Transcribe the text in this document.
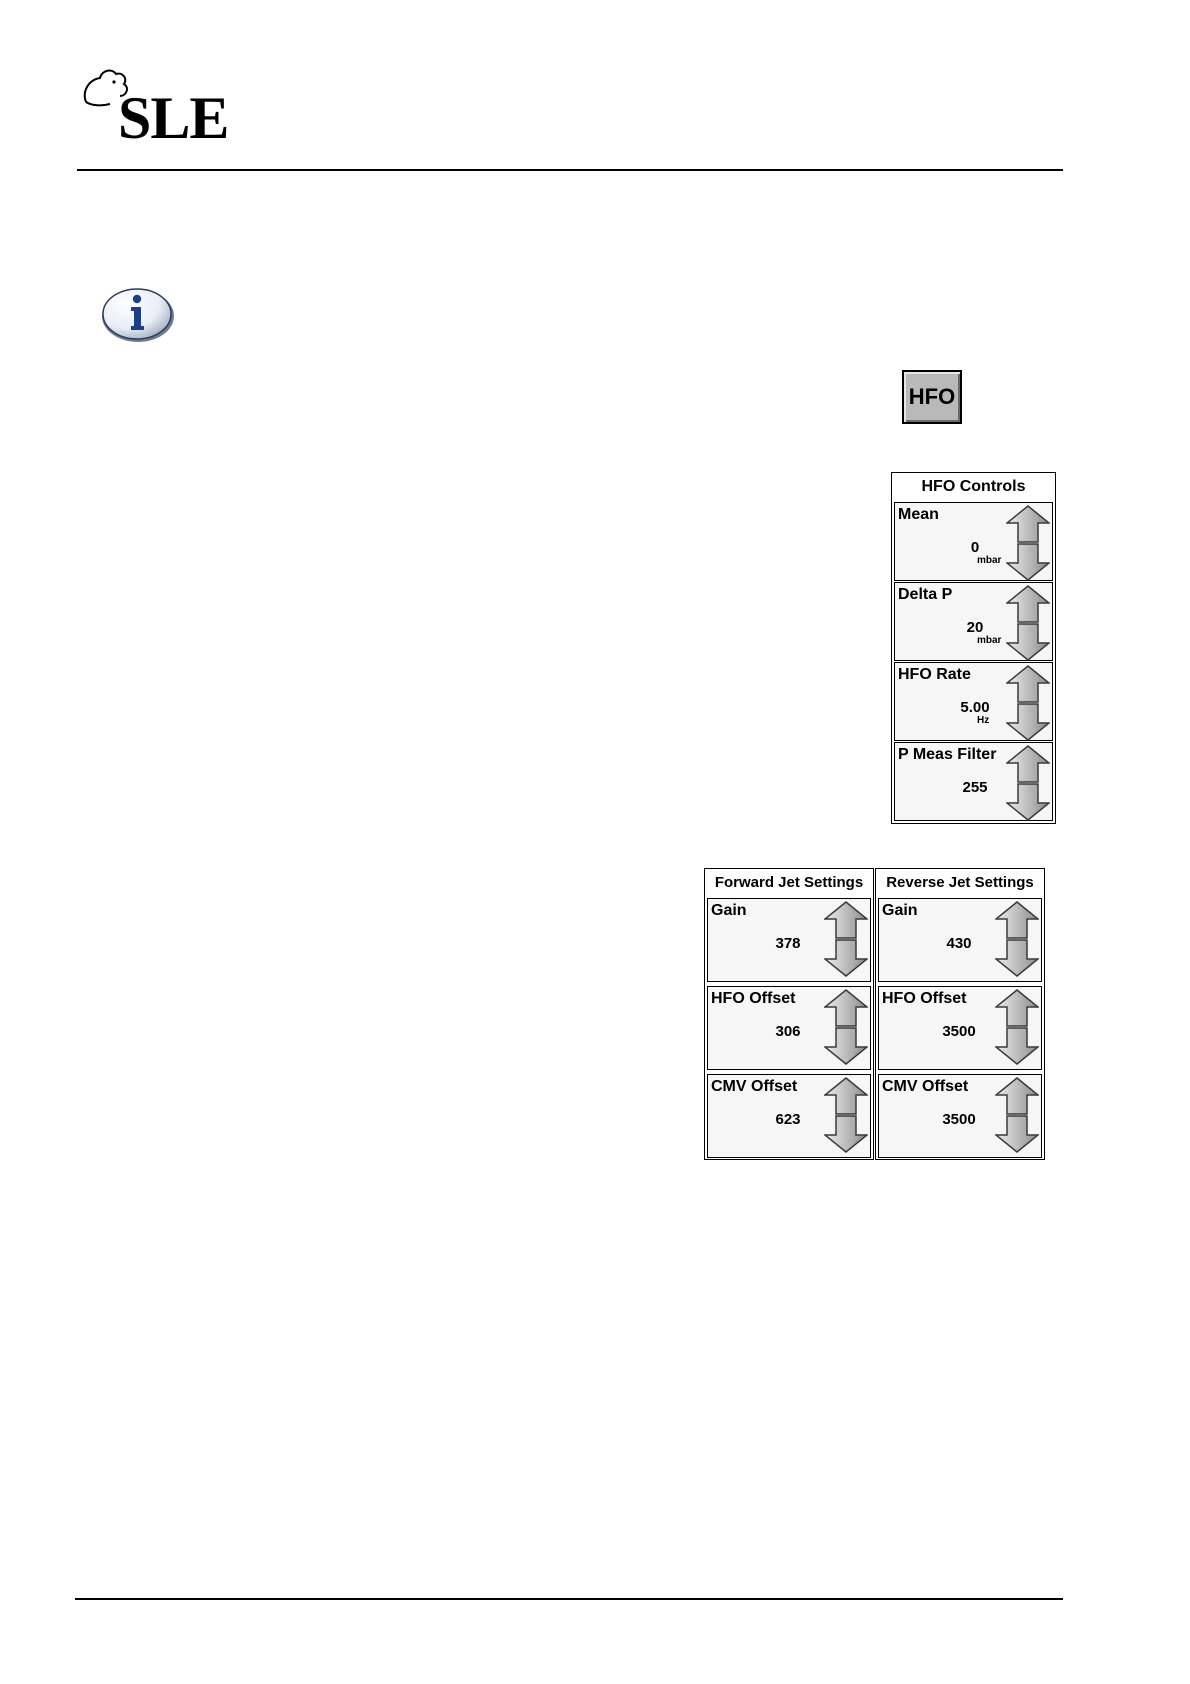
SLE
HFO
HFO Controls
Mean
0
mbar
Delta P
20
mbar
HFO Rate
5.00
Hz
P Meas Filter
255
Forward Jet Settings
Gain
378
HFO Offset
306
CMV Offset
623
Reverse Jet Settings
Gain
430
HFO Offset
3500
CMV Offset
3500
